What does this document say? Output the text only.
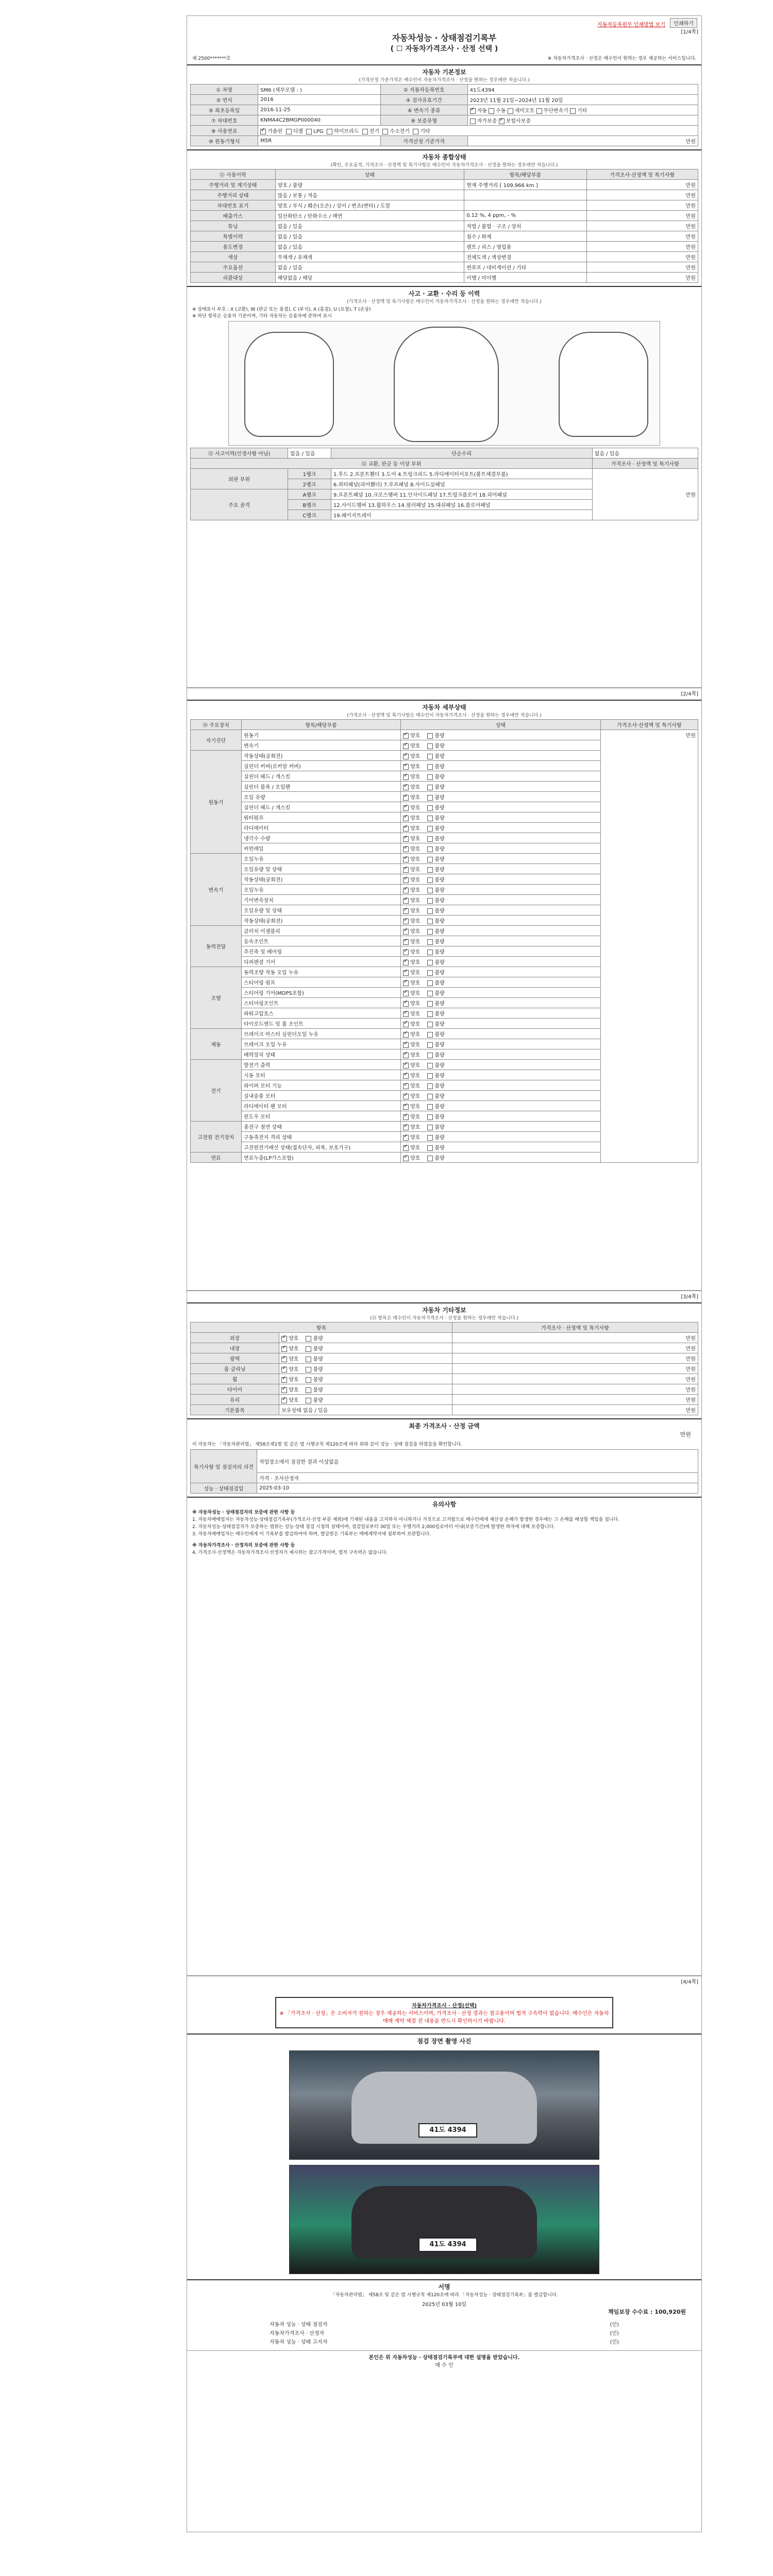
자동차등록원부 인쇄방법 보기	인쇄하기
[1/4쪽]
자동차성능 · 상태점검기록부
( ☐ 자동차가격조사 · 산정 선택 )
제 2500*******호	※ 자동차가격조사 · 산정은 매수인이 원하는 경우 제공하는 서비스입니다.
자동차 기본정보
(가격산정 가준가격은 매수인이 자동차가격조사 · 산정을 원하는 경우에만 적습니다.)
① 차명	SM6 (세부모델 : )	② 자동차등록번호	41도4394
③ 연식	2016	④ 검사유효기간	2023년 11월 21일~2024년 11월 20일
⑤ 최초등록일	2016-11-25	⑥ 변속기 종류	✓자동 수동 세미오토 무단변속기 기타
⑦ 차대번호	KNMA4C2BMGP000040	⑧ 보증유형	자가보증 ✓ 보험사보증
⑨ 사용연료	✓가솔린 디젤 LPG 하이브리드 전기 수소전기 기타
⑩ 원동기형식	M5R	가격산정 기준가격	만원
자동차 종합상태
(확인, 주요골격, 가격조사 · 산정액 및 특기사항은 매수인이 자동차가격조사 · 산정을 원하는 경우에만 적습니다.)
⑪ 사용이력	상태	항목/해당부품	가격조사·산정액 및 특기사항
주행거리 및 계기상태	양호 / 불량	현재 주행거리 [ 109,966 km ]	만원
주행거리 상태	많음 / 보통 / 적음		만원
차대번호 표기	양호 / 부식 / 훼손(오손) / 상이 / 변조(변타) / 도말		만원
배출가스	일산화탄소 / 탄화수소 / 매연	0.12 %, 4 ppm, - %	만원
튜닝	없음 / 있음	적법 / 불법 · 구조 / 장치	만원
특별이력	없음 / 있음	침수 / 화재	만원
용도변경	없음 / 있음	렌트 / 리스 / 영업용	만원
색상	무채색 / 유채색	전체도색 / 색상변경	만원
주요옵션	없음 / 있음	썬루프 / 네비게이션 / 기타	만원
리콜대상	해당없음 / 해당	이행 / 미이행	만원
사고 · 교환 · 수리 등 이력
(가격조사 · 산정액 및 특기사항은 매수인이 자동차가격조사 · 산정을 원하는 경우에만 적습니다.)
※ 상태표시 부호 : X (교환), W (판금 또는 용접), C (부식), A (흠집), U (요철), T (손상)
※ 하단 항목은 승용차 기준이며, 기타 자동차는 승용차에 준하여 표시
⑫ 사고이력(인정사항 아님)	없음 / 있음	단순수리	없음 / 있음
⑬ 교환, 판금 등 이상 부위			가격조사 · 산정액 및 특기사항
외판 부위	1랭크	1.후드 2.프론트휀더 3.도어 4.트렁크리드 5.라디에이터서포트(볼트체결부품)	만원
	2랭크	6.쿼터패널(리어휀더) 7.루프패널 8.사이드실패널	
주요 골격	A랭크	9.프론트패널 10.크로스멤버 11.인사이드패널 17.트렁크플로어 18.리어패널	
	B랭크	12.사이드멤버 13.휠하우스 14.필러패널 15.대쉬패널 16.플로어패널	
	C랭크	19.패키지트레이	
[2/4쪽]
자동차 세부상태
(가격조사 · 산정액 및 특기사항은 매수인이 자동차가격조사 · 산정을 원하는 경우에만 적습니다.)
⑭ 주요장치	항목/해당부품	상태	가격조사·산정액 및 특기사항
자기진단	원동기	✓양호 불량	만원
	변속기	✓양호 불량
원동기	작동상태(공회전)	✓양호 불량
	실린더 커버(로커암 커버)	✓양호 불량
	실린더 헤드 / 개스킷	✓양호 불량
	실린더 블록 / 오일팬	✓양호 불량
	오일 유량	✓양호 불량
	실린더 헤드 / 개스킷	✓양호 불량
	워터펌프	✓양호 불량
	라디에이터	✓양호 불량
	냉각수 수량	✓양호 불량
	커먼레일	✓양호 불량
변속기	오일누유	✓양호 불량
	오일유량 및 상태	✓양호 불량
	작동상태(공회전)	✓양호 불량
	오일누유	✓양호 불량
	기어변속장치	✓양호 불량
	오일유량 및 상태	✓양호 불량
	작동상태(공회전)	✓양호 불량
동력전달	클러치 어셈블리	✓양호 불량
	등속조인트	✓양호 불량
	추진축 및 베어링	✓양호 불량
	디퍼렌셜 기어	✓양호 불량
조향	동력조향 작동 오일 누유	✓양호 불량
	스티어링 펌프	✓양호 불량
	스티어링 기어(MDPS포함)	✓양호 불량
	스티어링조인트	✓양호 불량
	파워고압호스	✓양호 불량
	타이로드엔드 및 볼 조인트	✓양호 불량
제동	브레이크 마스터 실린더오일 누유	✓양호 불량
	브레이크 오일 누유	✓양호 불량
	배력장치 상태	✓양호 불량
전기	발전기 출력	✓양호 불량
	시동 모터	✓양호 불량
	와이퍼 모터 기능	✓양호 불량
	실내송풍 모터	✓양호 불량
	라디에이터 팬 모터	✓양호 불량
	윈도우 모터	✓양호 불량
고전원 전기장치	충전구 절연 상태	✓양호 불량
	구동축전지 격리 상태	✓양호 불량
	고전원전기배선 상태(접속단자, 피복, 보호기구)	✓양호 불량
연료	연료누출(LP가스포함)	✓양호 불량
[3/4쪽]
자동차 기타정보
(⑮ 항목은 매수인이 자동차가격조사 · 산정을 원하는 경우에만 적습니다.)
항목		가격조사 · 산정액 및 특기사항
외장	✓양호 불량	만원
내장	✓양호 불량	만원
광택	✓양호 불량	만원
룸 클리닝	✓양호 불량	만원
휠	✓양호 불량	만원
타이어	✓양호 불량	만원
유리	✓양호 불량	만원
기본품목	보유상태 없음 / 있음	만원
최종 가격조사 · 산정 금액
만원
이 자동차는 「자동차관리법」 제58조제1항 및 같은 법 시행규칙 제120조에 따라 위와 같이 성능 · 상태 점검을 하였음을 확인합니다.
특기사항 및 점검자의 의견	작업장소에서 점검한 결과 이상없음
	가격 · 조사산정자
성능 · 상태점검일	2025-03-10
유의사항

※ 자동차성능 · 상태점검자의 보증에 관한 사항 등

1. 자동차매매업자는 자동차성능·상태점검기록부(가격조사·산정 부분 제외)에 기재된 내용을 고지하지 아니하거나 거짓으로 고지함으로 매수인에게 재산상 손해가 발생한 경우에는 그 손해를 배상할 책임을 집니다.

2. 자동차성능·상태점검자가 보증하는 범위는 성능·상태 점검 시점의 상태이며, 점검일로부터 30일 또는 주행거리 2,000킬로미터 이내(보증기간)에 발생한 하자에 대해 보증합니다.

3. 자동차매매업자는 매수인에게 이 기록부를 발급하여야 하며, 발급받은 기록부는 매매계약서에 첨부하여 보관합니다.

※ 자동차가격조사 · 산정자의 보증에 관한 사항 등

4. 가격조사·산정액은 자동차가격조사·산정자가 제시하는 참고가격이며, 법적 구속력은 없습니다.

[4/4쪽]
자동차가격조사 · 산정(선택)
※ 「가격조사 · 산정」은 소비자가 원하는 경우 제공하는 서비스이며, 가격조사 · 산정 결과는 참고용이며 법적 구속력이 없습니다. 매수인은 자동차 매매 계약 체결 전 내용을 반드시 확인하시기 바랍니다.
점검 장면 촬영 사진
41도 4394
41도 4394
서명
「자동차관리법」 제58조 및 같은 법 시행규칙 제120조에 따라 「자동차성능 · 상태점검기록부」를 발급합니다.
2025년 03월 10일
책임보장 수수료 : 100,920원
자동차 성능 · 상태 점검자	(인)
자동차가격조사 · 산정자	(인)
자동차 성능 · 상태 고지자	(인)
본인은 위 자동차성능 · 상태점검기록부에 대한 설명을 받았습니다.
매 수 인
